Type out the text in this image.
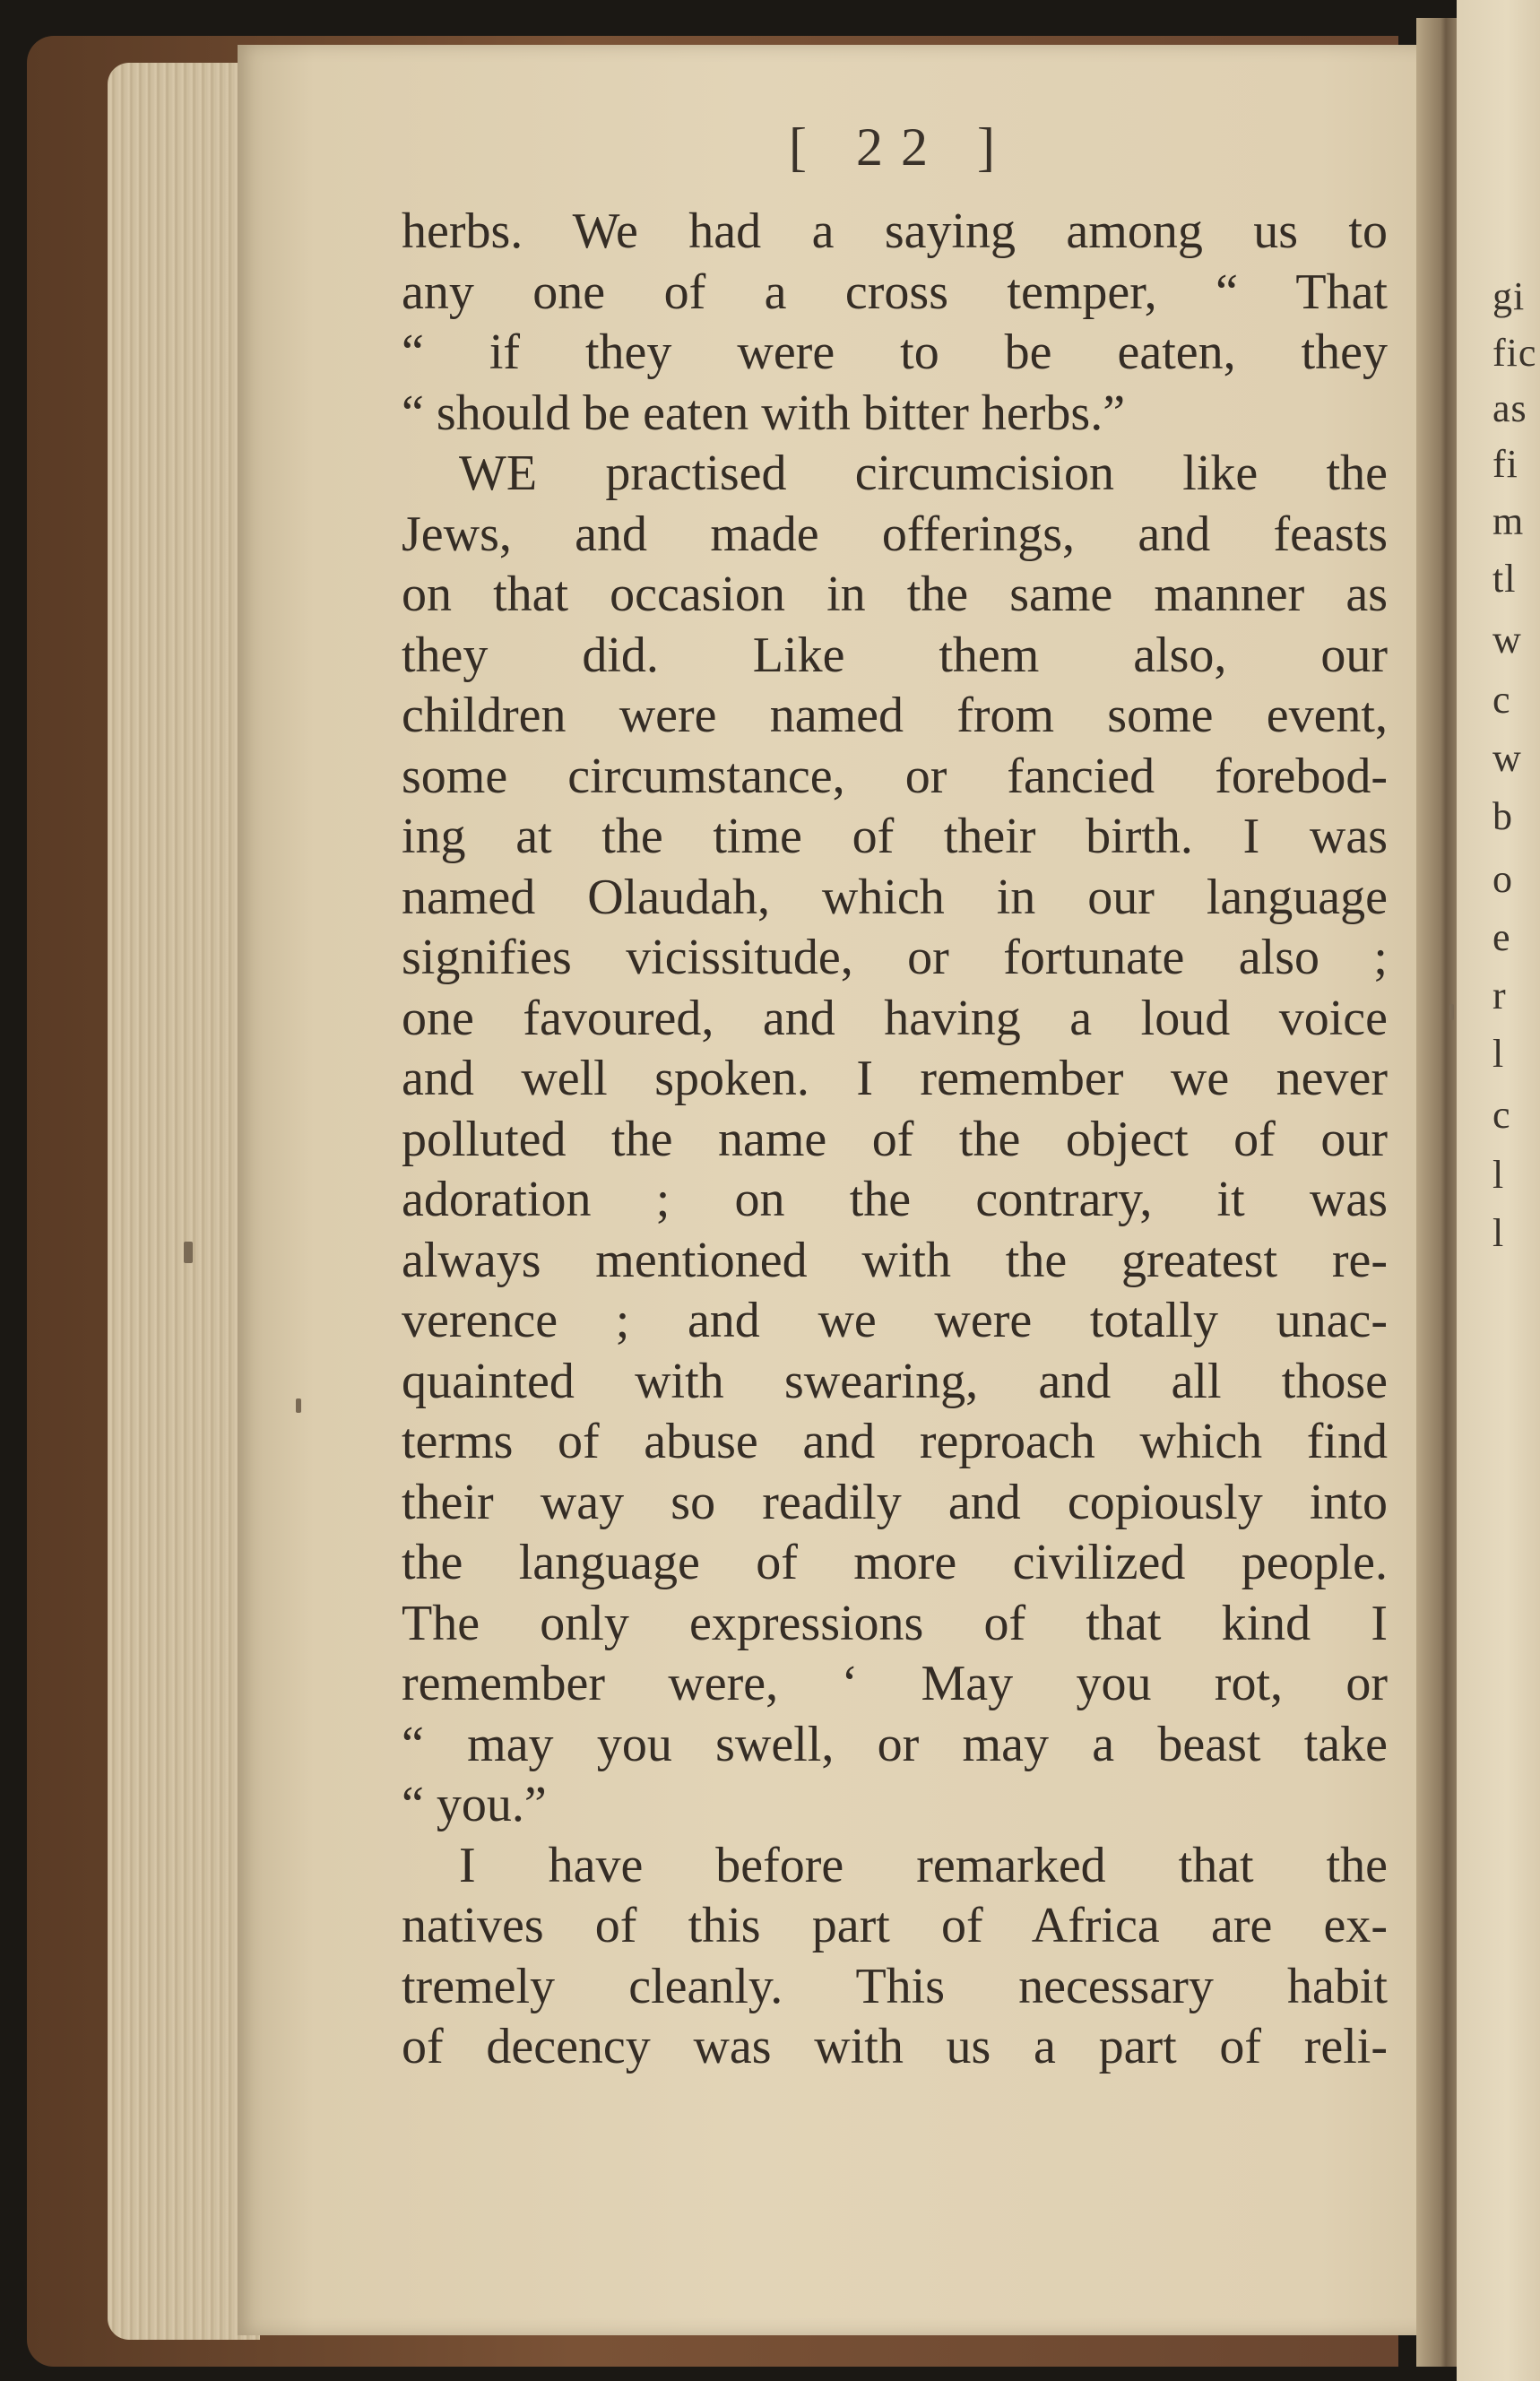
gi
fic
as
fi
m
tl
w
c
w
b
o
e
r
l
c
l
l
[ 22 ]
herbs. We had a saying among us to
any one of a cross temper, “ That
“ if they were to be eaten, they
“ should be eaten with bitter herbs.”
WE practised circumcision like the
Jews, and made offerings, and feasts
on that occasion in the same manner as
they did. Like them also, our
children were named from some event,
some circumstance, or fancied forebod-
ing at the time of their birth. I was
named Olaudah, which in our language
signifies vicissitude, or fortunate also ;
one favoured, and having a loud voice
and well spoken. I remember we never
polluted the name of the object of our
adoration ; on the contrary, it was
always mentioned with the greatest re-
verence ; and we were totally unac-
quainted with swearing, and all those
terms of abuse and reproach which find
their way so readily and copiously into
the language of more civilized people.
The only expressions of that kind I
remember were, ‘ May you rot, or
“ may you swell, or may a beast take
“ you.”
I have before remarked that the
natives of this part of Africa are ex-
tremely cleanly. This necessary habit
of decency was with us a part of reli-
